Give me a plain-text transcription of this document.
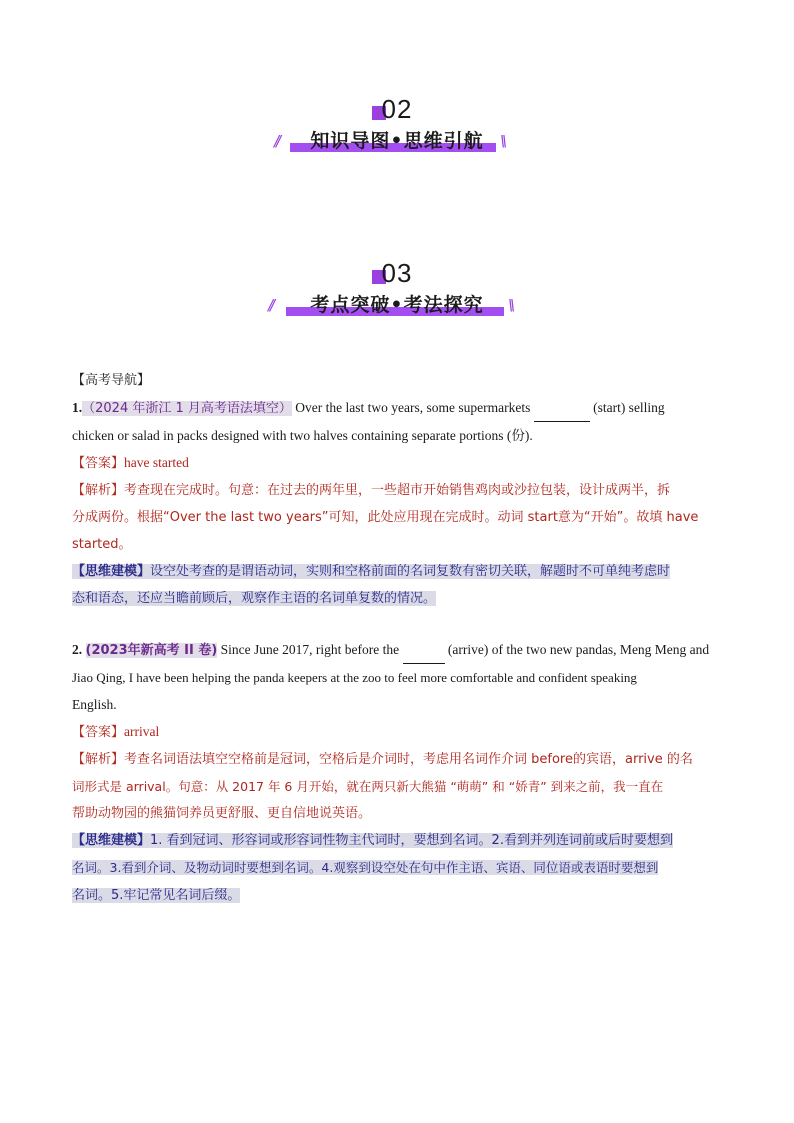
02
//	知识导图•思维引航	\\
03
//	考点突破•考法探究	\\
【高考导航】
1.（2024 年浙江 1 月高考语法填空） Over the last two years, some supermarkets	(start) selling
chicken or salad in packs designed with two halves containing separate portions (份).
【答案】have started
【解析】考查现在完成时。句意：在过去的两年里，一些超市开始销售鸡肉或沙拉包装，设计成两半，拆
分成两份。根据“Over the last two years”可知，此处应用现在完成时。动词 start意为“开始”。故填 have
started。
【思维建模】设空处考查的是谓语动词，实则和空格前面的名词复数有密切关联，解题时不可单纯考虑时
态和语态，还应当瞻前顾后，观察作主语的名词单复数的情况。
2. (2023年新高考 II 卷) Since June 2017, right before the	(arrive) of the two new pandas, Meng Meng and
Jiao Qing, I have been helping the panda keepers at the zoo to feel more comfortable and confident speaking
English.
【答案】arrival
【解析】考查名词语法填空空格前是冠词，空格后是介词时，考虑用名词作介词 before的宾语，arrive 的名
词形式是 arrival。句意：从 2017 年 6 月开始，就在两只新大熊猫 “萌萌” 和 “娇青” 到来之前，我一直在
帮助动物园的熊猫饲养员更舒服、更自信地说英语。
【思维建模】1. 看到冠词、形容词或形容词性物主代词时，要想到名词。2.看到并列连词前或后时要想到
名词。3.看到介词、及物动词时要想到名词。4.观察到设空处在句中作主语、宾语、同位语或表语时要想到
名词。5.牢记常见名词后缀。
